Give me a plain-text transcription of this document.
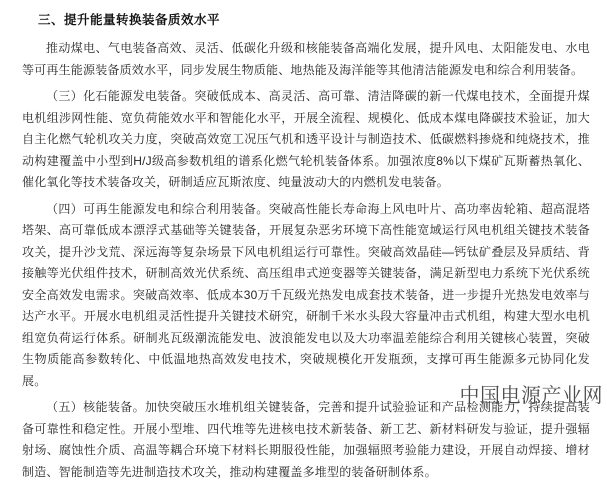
三、提升能量转换装备质效水平

推动煤电、气电装备高效、灵活、低碳化升级和核能装备高端化发展，提升风电、太阳能发电、水电等可再生能源装备质效水平，同步发展生物质能、地热能及海洋能等其他清洁能源发电和综合利用装备。

（三）化石能源发电装备。突破低成本、高灵活、高可靠、清洁降碳的新一代煤电技术，全面提升煤电机组涉网性能、宽负荷能效水平和智能化水平，开展全流程、规模化、低成本煤电降碳技术验证，加大自主化燃气轮机攻关力度，突破高效宽工况压气机和透平设计与制造技术、低碳燃料掺烧和纯烧技术，推动构建覆盖中小型到H/J级高参数机组的谱系化燃气轮机装备体系。加强浓度8%以下煤矿瓦斯蓄热氧化、催化氧化等技术装备攻关，研制适应瓦斯浓度、纯量波动大的内燃机发电装备。

（四）可再生能源发电和综合利用装备。突破高性能长寿命海上风电叶片、高功率齿轮箱、超高混塔塔架、高可靠低成本漂浮式基础等关键装备，开展复杂恶劣环境下高性能宽域运行风电机组关键技术装备攻关，提升沙戈荒、深远海等复杂场景下风电机组运行可靠性。突破高效晶硅—钙钛矿叠层及异质结、背接触等光伏组件技术，研制高效光伏系统、高压组串式逆变器等关键装备，满足新型电力系统下光伏系统安全高效发电需求。突破高效率、低成本30万千瓦级光热发电成套技术装备，进一步提升光热发电效率与达产水平。开展水电机组灵活性提升关键技术研究，研制千米水头段大容量冲击式机组，构建大型水电机组宽负荷运行体系。研制兆瓦级潮流能发电、波浪能发电以及大功率温差能综合利用关键核心装置，突破生物质能高参数转化、中低温地热高效发电技术，突破规模化开发瓶颈，支撑可再生能源多元协同化发展。

（五）核能装备。加快突破压水堆机组关键装备，完善和提升试验验证和产品检测能力，持续提高装备可靠性和稳定性。开展小型堆、四代堆等先进核电技术新装备、新工艺、新材料研发与验证，提升强辐射场、腐蚀性介质、高温等耦合环境下材料长期服役性能，加强辐照考验能力建设，开展自动焊接、增材制造、智能制造等先进制造技术攻关，推动构建覆盖多堆型的装备研制体系。

中国电源产业网
